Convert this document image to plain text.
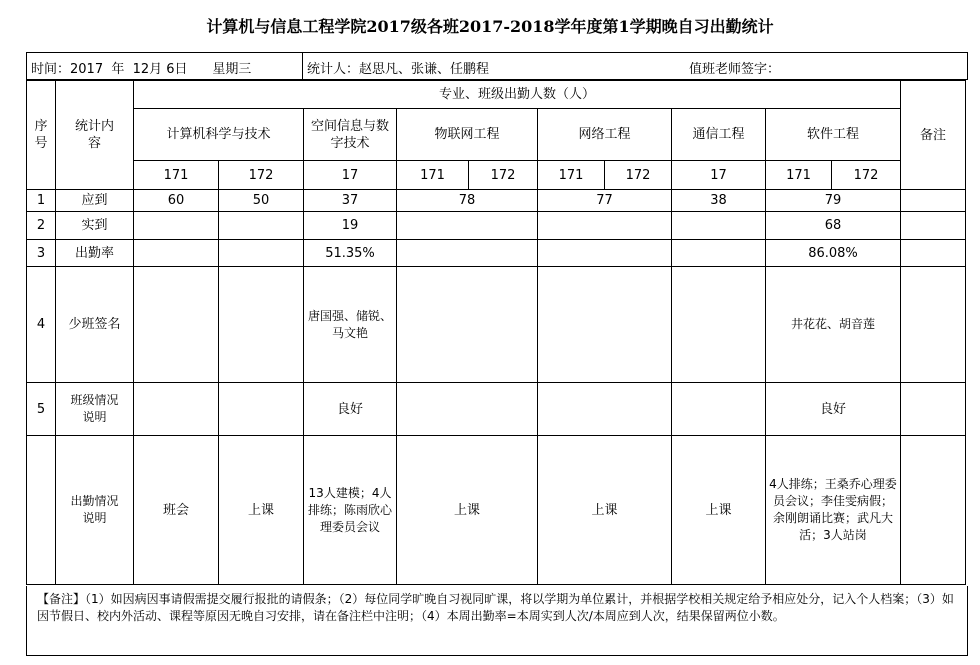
计算机与信息工程学院2017级各班2017-2018学年度第1学期晚自习出勤统计
时间：2017  年  12月 6日      星期三	统计人：赵思凡、张谦、任鹏程	值班老师签字：
序号	统计内容	专业、班级出勤人数（人）										备注
		计算机科学与技术		空间信息与数字技术	物联网工程		网络工程		通信工程	软件工程		
		171	172	17	171	172	171	172	17	171	172	
1	应到	60	50	37	78		77		38	79		
2	实到			19						68		
3	出勤率			51.35%						86.08%		
4	少班签名			唐国强、储锐、马文艳						井花花、胡音莲		
5	班级情况说明			良好						良好		

	出勤情况说明	班会	上课	13人建模；4人排练；陈雨欣心理委员会议	上课		上课		上课	4人排练；王桑乔心理委员会议；李佳雯病假；余刚朗诵比赛；武凡大活；3人站岗		

【备注】（1）如因病因事请假需提交履行报批的请假条；（2）每位同学旷晚自习视同旷课，将以学期为单位累计，并根据学校相关规定给予相应处分，记入个人档案；（3）如因节假日、校内外活动、课程等原因无晚自习安排，请在备注栏中注明；（4）本周出勤率=本周实到人次/本周应到人次，结果保留两位小数。
